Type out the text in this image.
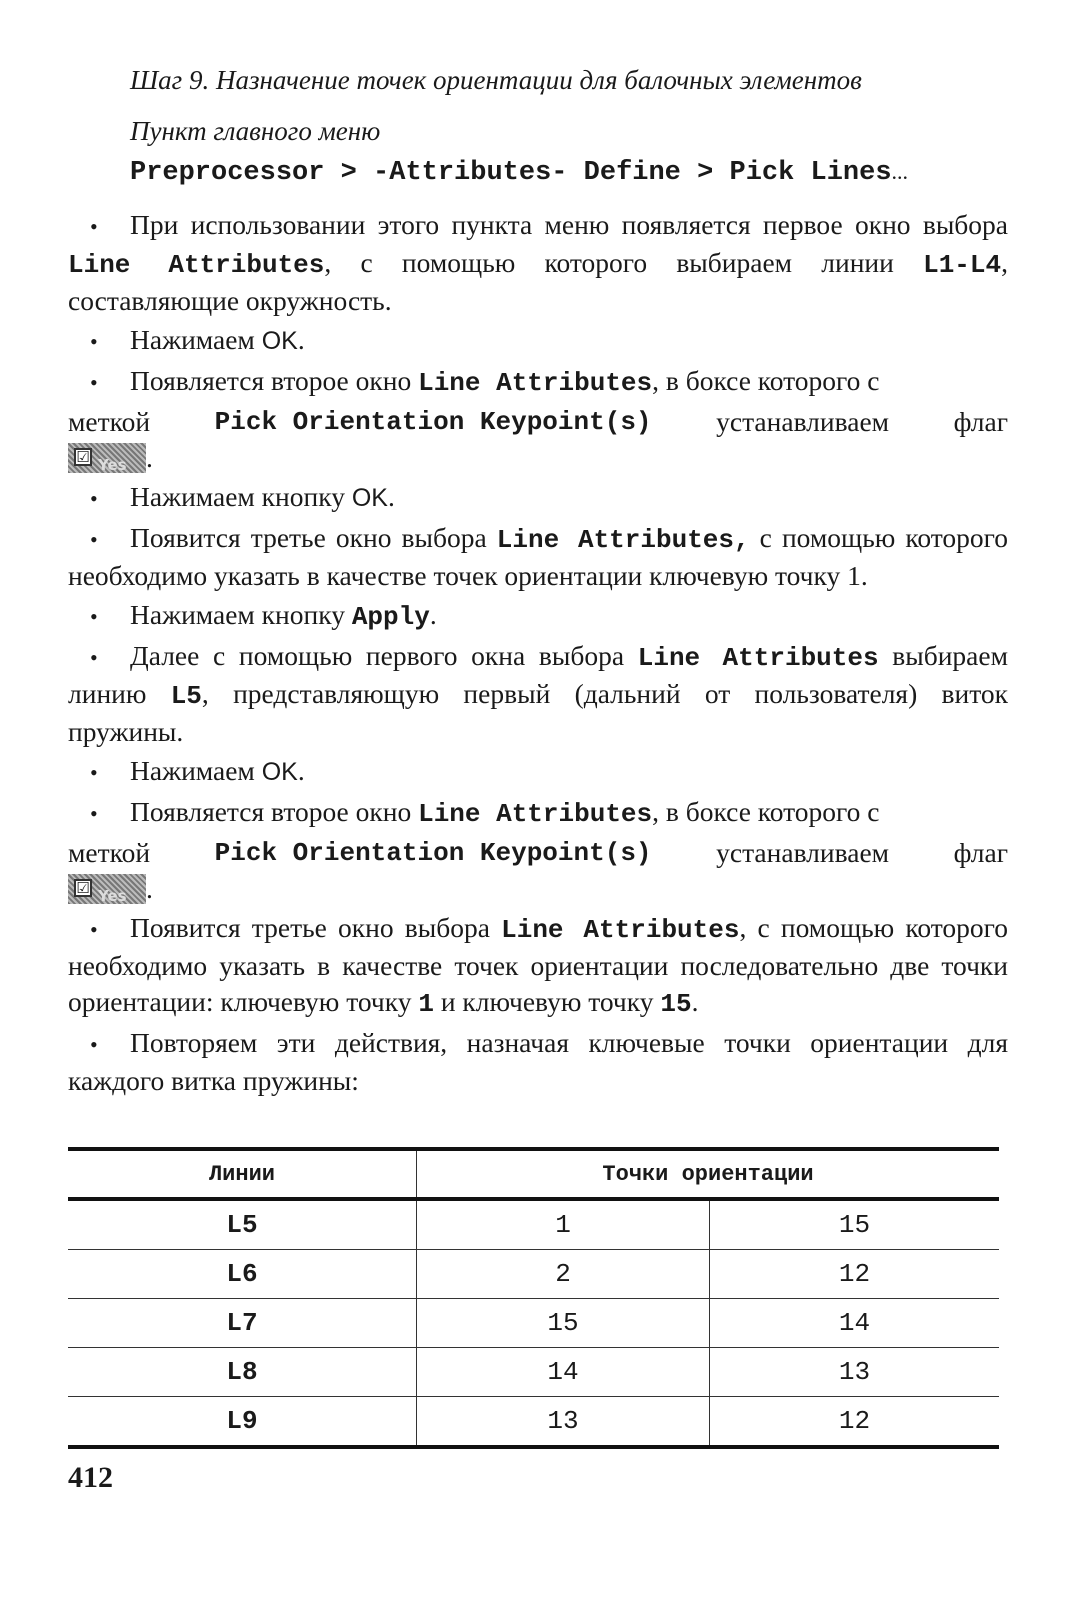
Шаг 9. Назначение точек ориентации для балочных элементов
Пункт главного меню
Preprocessor > -Attributes- Define > Pick Lines...

• При использовании этого пункта меню появляется первое окно выбора Line Attributes, с помощью которого выбираем линии L1-L4, составляющие окружность.

• Нажимаем OK.

• Появляется второе окно Line Attributes, в боксе которого с

меткой Pick Orientation Keypoint(s) устанавливаем флаг
☑ Yes .

• Нажимаем кнопку OK.

• Появится третье окно выбора Line Attributes, с помощью которого необходимо указать в качестве точек ориентации ключевую точку 1.

• Нажимаем кнопку Apply.

• Далее с помощью первого окна выбора Line Attributes выбираем линию L5, представляющую первый (дальний от пользователя) виток пружины.

• Нажимаем OK.

• Появляется второе окно Line Attributes, в боксе которого с

меткой Pick Orientation Keypoint(s) устанавливаем флаг
☑ Yes .

• Появится третье окно выбора Line Attributes, с помощью которого необходимо указать в качестве точек ориентации последовательно две точки ориентации: ключевую точку 1 и ключевую точку 15.

• Повторяем эти действия, назначая ключевые точки ориентации для каждого витка пружины:

Линии	Точки ориентации	
L5	1	15
L6	2	12
L7	15	14
L8	14	13
L9	13	12
412
